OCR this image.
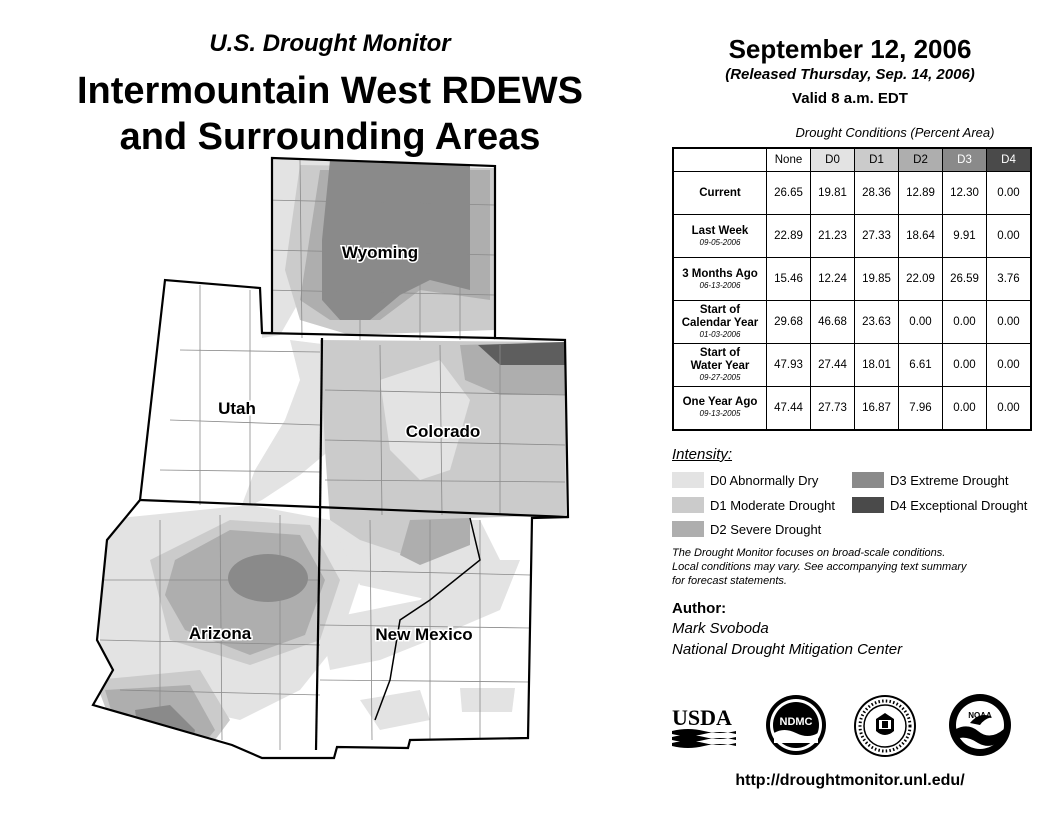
U.S. Drought Monitor
Intermountain West RDEWS
and Surrounding Areas
Wyoming
Utah
Colorado
Arizona	New Mexico
September 12, 2006
(Released Thursday, Sep. 14, 2006)
Valid 8 a.m. EDT
Drought Conditions (Percent Area)
	None	D0	D1	D2	D3	D4
Current	26.65	19.81	28.36	12.89	12.30	0.00
Last Week
09-05-2006	22.89	21.23	27.33	18.64	9.91	0.00
3 Months Ago
06-13-2006	15.46	12.24	19.85	22.09	26.59	3.76
Start of
Calendar Year
01-03-2006	29.68	46.68	23.63	0.00	0.00	0.00
Start of
Water Year
09-27-2005	47.93	27.44	18.01	6.61	0.00	0.00
One Year Ago
09-13-2005	47.44	27.73	16.87	7.96	0.00	0.00
Intensity:
D0 Abnormally Dry
D1 Moderate Drought
D2 Severe Drought
D3 Extreme Drought
D4 Exceptional Drought
The Drought Monitor focuses on broad-scale conditions.
Local conditions may vary. See accompanying text summary
for forecast statements.
Author:
Mark Svoboda
National Drought Mitigation Center
USDA	NDMC
NOAA
http://droughtmonitor.unl.edu/
